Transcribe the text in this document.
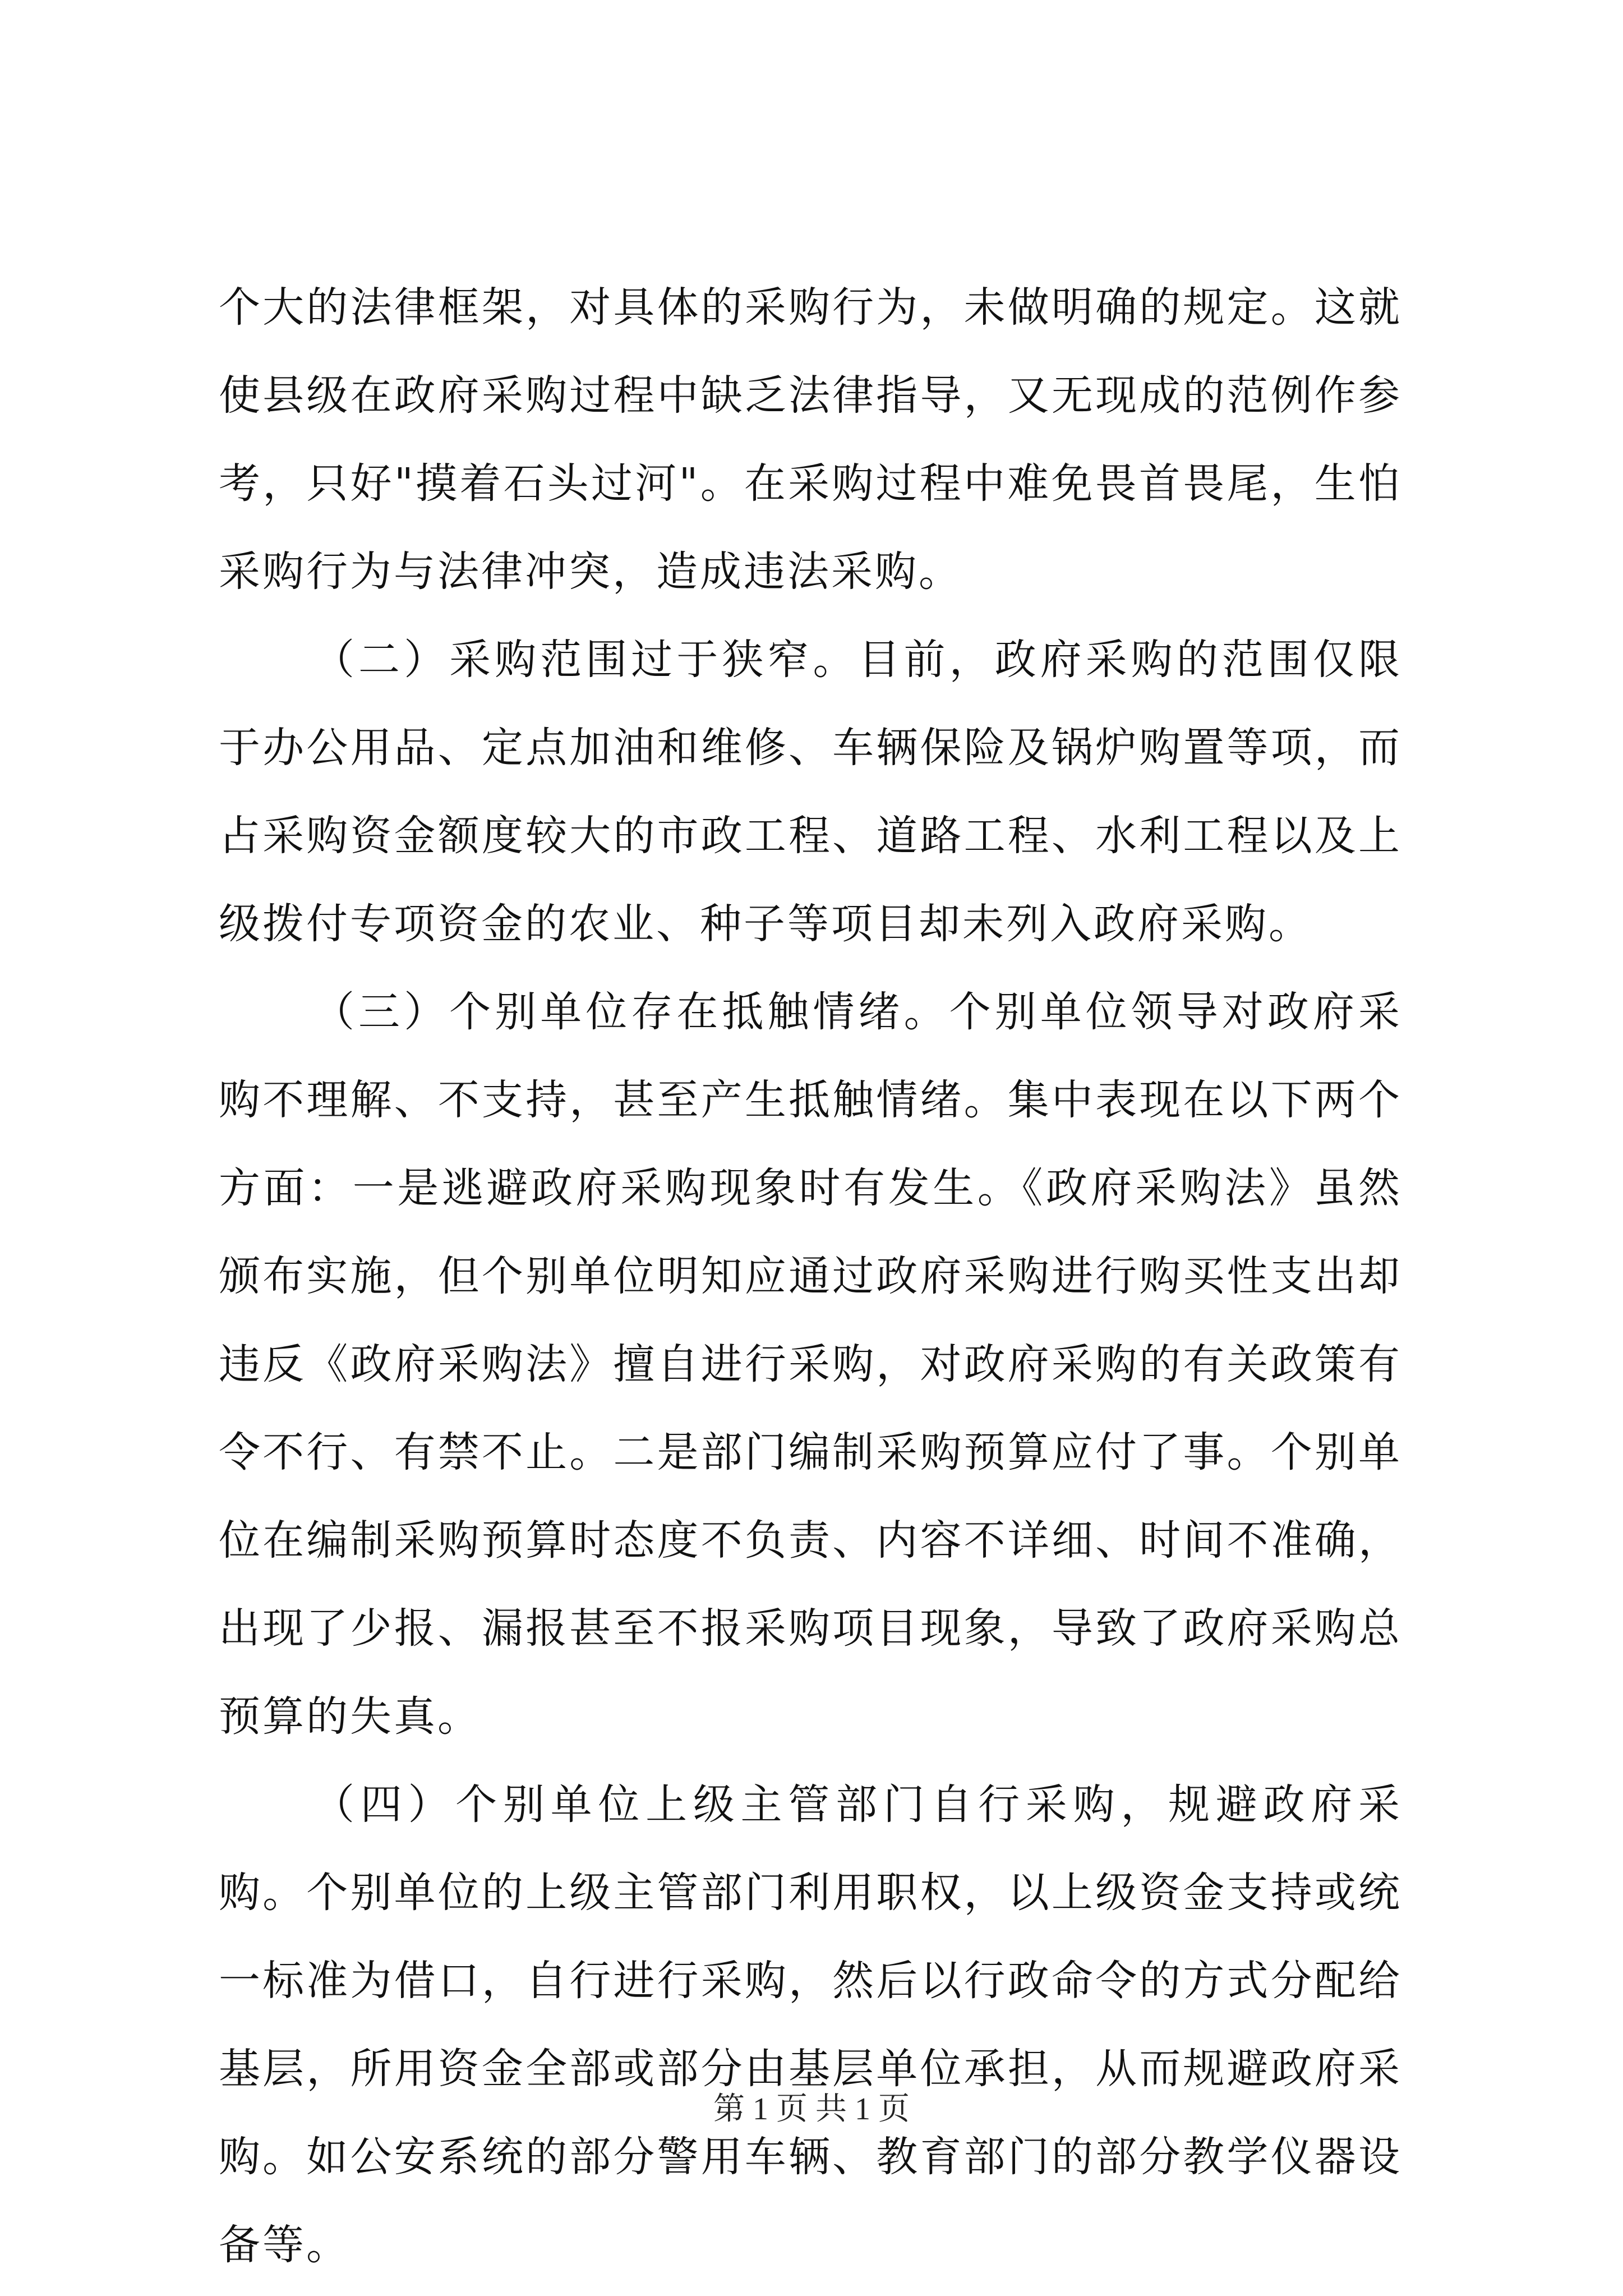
个大的法律框架，对具体的采购行为，未做明确的规定。这就使县级在政府采购过程中缺乏法律指导，又无现成的范例作参考，只好"摸着石头过河"。在采购过程中难免畏首畏尾，生怕采购行为与法律冲突，造成违法采购。

（二）采购范围过于狭窄。目前，政府采购的范围仅限于办公用品、定点加油和维修、车辆保险及锅炉购置等项，而占采购资金额度较大的市政工程、道路工程、水利工程以及上级拨付专项资金的农业、种子等项目却未列入政府采购。

（三）个别单位存在抵触情绪。个别单位领导对政府采购不理解、不支持，甚至产生抵触情绪。集中表现在以下两个方面：一是逃避政府采购现象时有发生。《政府采购法》虽然颁布实施，但个别单位明知应通过政府采购进行购买性支出却违反《政府采购法》擅自进行采购，对政府采购的有关政策有令不行、有禁不止。二是部门编制采购预算应付了事。个别单位在编制采购预算时态度不负责、内容不详细、时间不准确，出现了少报、漏报甚至不报采购项目现象，导致了政府采购总预算的失真。

（四）个别单位上级主管部门自行采购，规避政府采购。个别单位的上级主管部门利用职权，以上级资金支持或统一标准为借口，自行进行采购，然后以行政命令的方式分配给基层，所用资金全部或部分由基层单位承担，从而规避政府采购。如公安系统的部分警用车辆、教育部门的部分教学仪器设备等。

第 1 页 共 1 页
